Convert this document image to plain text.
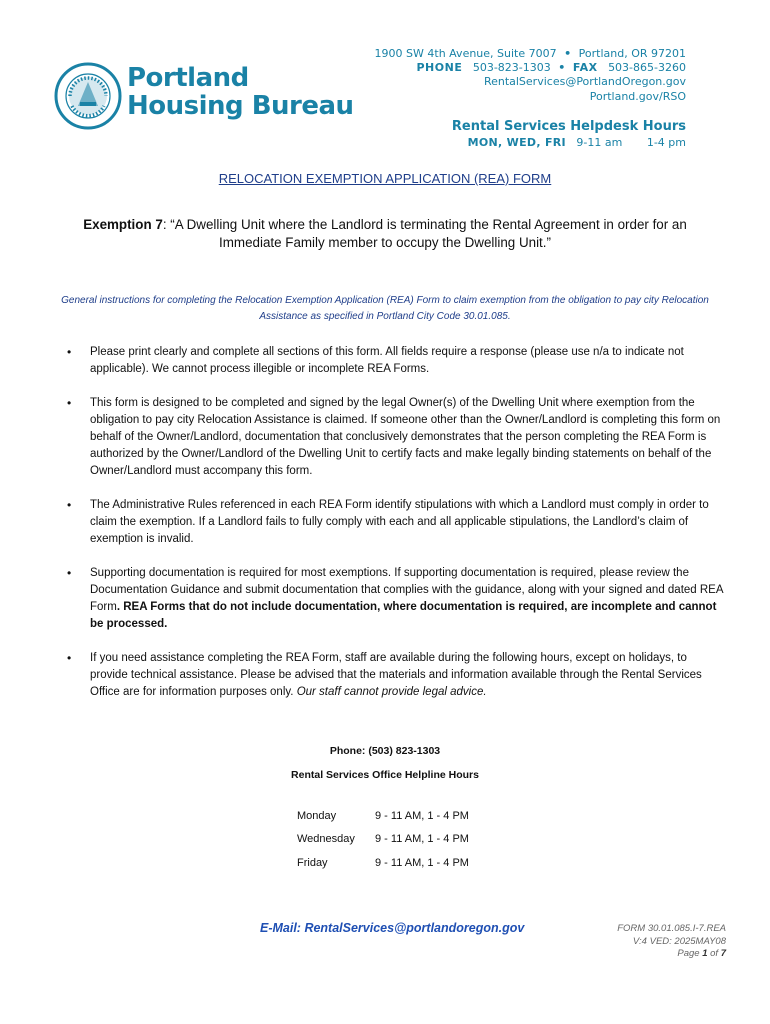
Portland
Housing Bureau
1900 SW 4th Avenue, Suite 7007 • Portland, OR 97201
PHONE 503-823-1303 • FAX 503-865-3260
RentalServices@PortlandOregon.gov
Portland.gov/RSO
Rental Services Helpdesk Hours
MON, WED, FRI 9-11 am 1-4 pm
RELOCATION EXEMPTION APPLICATION (REA) FORM
Exemption 7: “A Dwelling Unit where the Landlord is terminating the Rental Agreement in order for an Immediate Family member to occupy the Dwelling Unit.”
General instructions for completing the Relocation Exemption Application (REA) Form to claim exemption from the obligation to pay city Relocation Assistance as specified in Portland City Code 30.01.085.
• Please print clearly and complete all sections of this form. All fields require a response (please use n/a to indicate not applicable). We cannot process illegible or incomplete REA Forms.
• This form is designed to be completed and signed by the legal Owner(s) of the Dwelling Unit where exemption from the obligation to pay city Relocation Assistance is claimed. If someone other than the Owner/Landlord is completing this form on behalf of the Owner/Landlord, documentation that conclusively demonstrates that the person completing the REA Form is authorized by the Owner/Landlord of the Dwelling Unit to certify facts and make legally binding statements on behalf of the Owner/Landlord must accompany this form.
• The Administrative Rules referenced in each REA Form identify stipulations with which a Landlord must comply in order to claim the exemption. If a Landlord fails to fully comply with each and all applicable stipulations, the Landlord’s claim of exemption is invalid.
• Supporting documentation is required for most exemptions. If supporting documentation is required, please review the Documentation Guidance and submit documentation that complies with the guidance, along with your signed and dated REA Form. REA Forms that do not include documentation, where documentation is required, are incomplete and cannot be processed.
• If you need assistance completing the REA Form, staff are available during the following hours, except on holidays, to provide technical assistance. Please be advised that the materials and information available through the Rental Services Office are for information purposes only. Our staff cannot provide legal advice.
Phone: (503) 823-1303
Rental Services Office Helpline Hours
Monday	9 - 11 AM, 1 - 4 PM
Wednesday	9 - 11 AM, 1 - 4 PM
Friday	9 - 11 AM, 1 - 4 PM
E-Mail: RentalServices@portlandoregon.gov	FORM 30.01.085.I-7.REA
V:4 VED: 2025MAY08
Page 1 of 7
